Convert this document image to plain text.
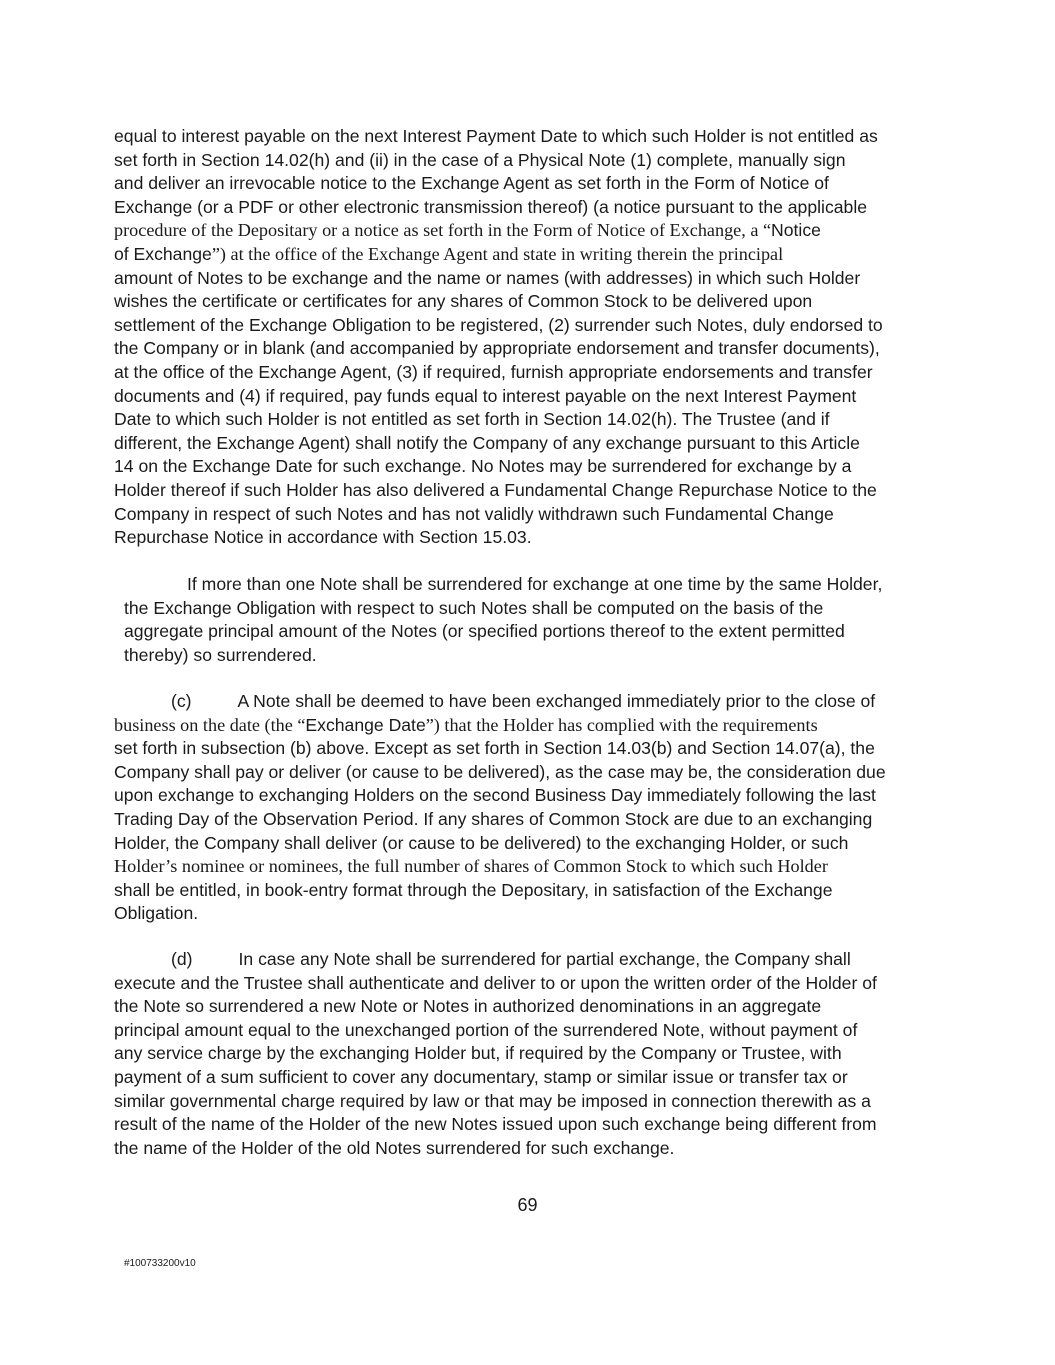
equal to interest payable on the next Interest Payment Date to which such Holder is not entitled as
set forth in Section 14.02(h) and (ii) in the case of a Physical Note (1) complete, manually sign
and deliver an irrevocable notice to the Exchange Agent as set forth in the Form of Notice of
Exchange (or a PDF or other electronic transmission thereof) (a notice pursuant to the applicable
procedure of the Depositary or a notice as set forth in the Form of Notice of Exchange, a “Notice
of Exchange”) at the office of the Exchange Agent and state in writing therein the principal
amount of Notes to be exchange and the name or names (with addresses) in which such Holder
wishes the certificate or certificates for any shares of Common Stock to be delivered upon
settlement of the Exchange Obligation to be registered, (2) surrender such Notes, duly endorsed to
the Company or in blank (and accompanied by appropriate endorsement and transfer documents),
at the office of the Exchange Agent, (3) if required, furnish appropriate endorsements and transfer
documents and (4) if required, pay funds equal to interest payable on the next Interest Payment
Date to which such Holder is not entitled as set forth in Section 14.02(h). The Trustee (and if
different, the Exchange Agent) shall notify the Company of any exchange pursuant to this Article
14 on the Exchange Date for such exchange. No Notes may be surrendered for exchange by a
Holder thereof if such Holder has also delivered a Fundamental Change Repurchase Notice to the
Company in respect of such Notes and has not validly withdrawn such Fundamental Change
Repurchase Notice in accordance with Section 15.03.
If more than one Note shall be surrendered for exchange at one time by the same Holder,
the Exchange Obligation with respect to such Notes shall be computed on the basis of the
aggregate principal amount of the Notes (or specified portions thereof to the extent permitted
thereby) so surrendered.
(c)	A Note shall be deemed to have been exchanged immediately prior to the close of
business on the date (the “Exchange Date”) that the Holder has complied with the requirements
set forth in subsection (b) above. Except as set forth in Section 14.03(b) and Section 14.07(a), the
Company shall pay or deliver (or cause to be delivered), as the case may be, the consideration due
upon exchange to exchanging Holders on the second Business Day immediately following the last
Trading Day of the Observation Period. If any shares of Common Stock are due to an exchanging
Holder, the Company shall deliver (or cause to be delivered) to the exchanging Holder, or such
Holder’s nominee or nominees, the full number of shares of Common Stock to which such Holder
shall be entitled, in book-entry format through the Depositary, in satisfaction of the Exchange
Obligation.
(d)	In case any Note shall be surrendered for partial exchange, the Company shall
execute and the Trustee shall authenticate and deliver to or upon the written order of the Holder of
the Note so surrendered a new Note or Notes in authorized denominations in an aggregate
principal amount equal to the unexchanged portion of the surrendered Note, without payment of
any service charge by the exchanging Holder but, if required by the Company or Trustee, with
payment of a sum sufficient to cover any documentary, stamp or similar issue or transfer tax or
similar governmental charge required by law or that may be imposed in connection therewith as a
result of the name of the Holder of the new Notes issued upon such exchange being different from
the name of the Holder of the old Notes surrendered for such exchange.
69
#100733200v10
